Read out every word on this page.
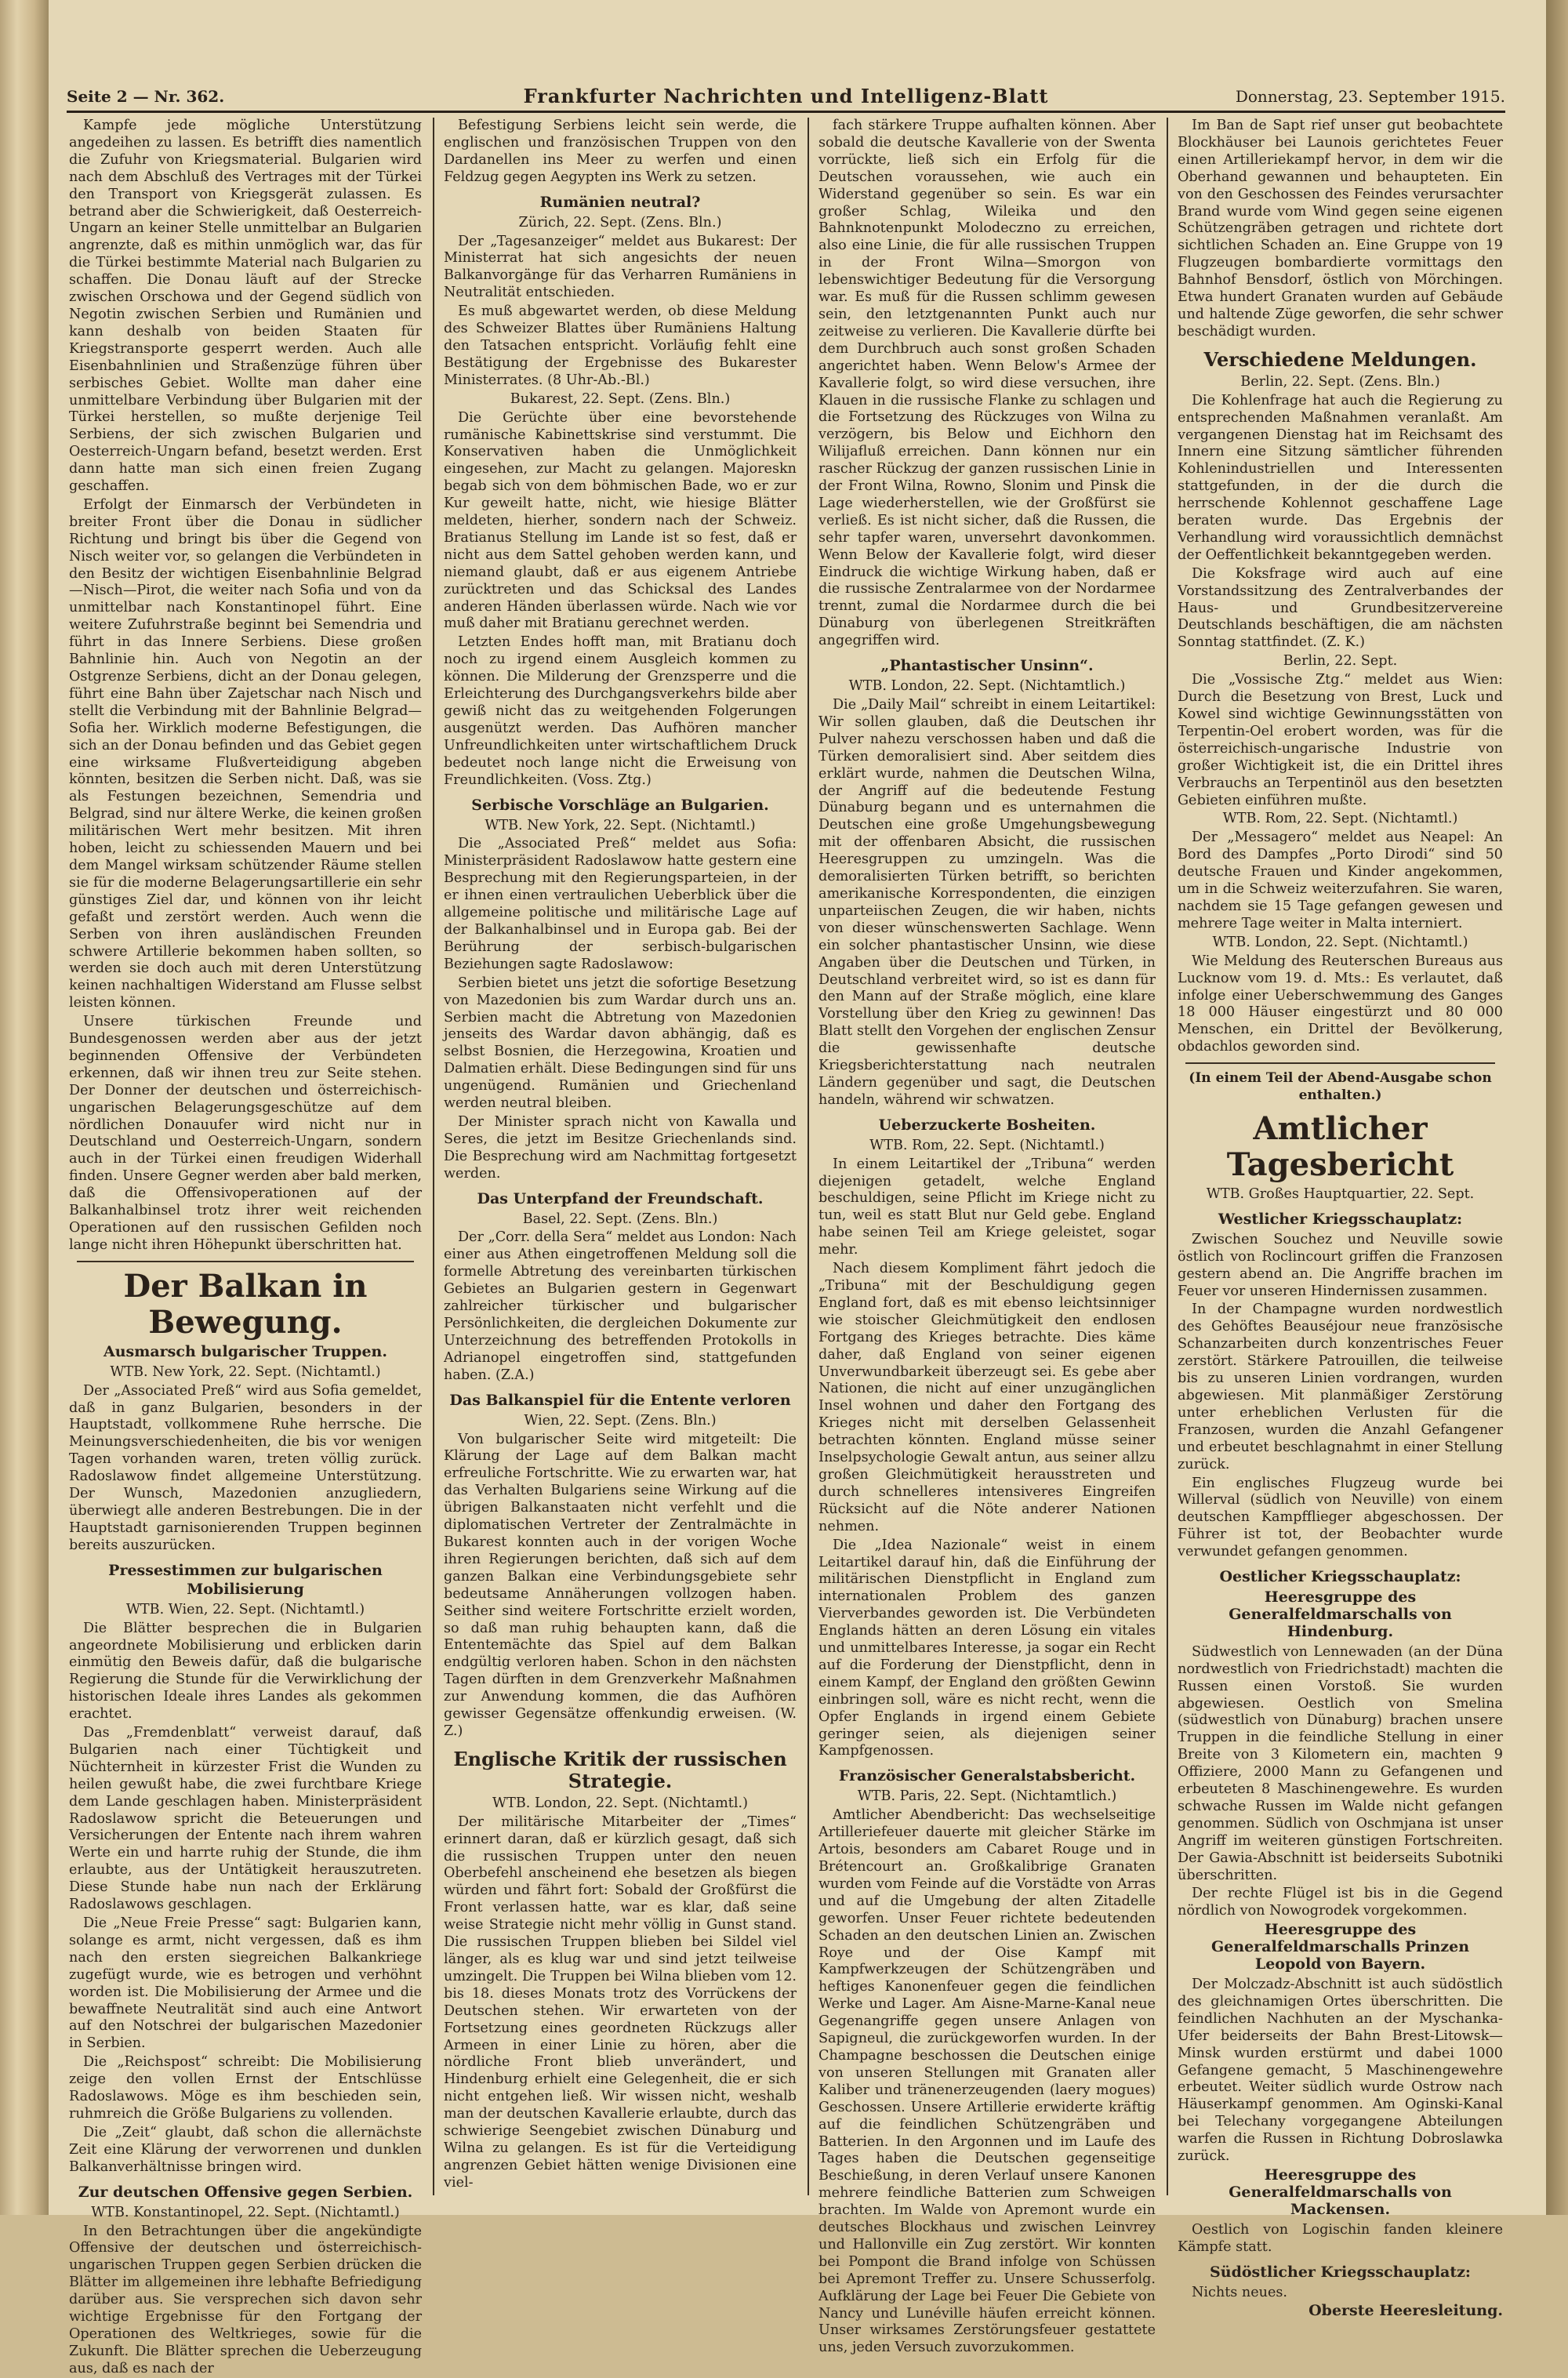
Seite 2 — Nr. 362.	Frankfurter Nachrichten und Intelligenz-Blatt	Donnerstag, 23. September 1915.

Kampfe jede mögliche Unterstützung angedeihen zu lassen. Es betrifft dies namentlich die Zufuhr von Kriegsmaterial. Bulgarien wird nach dem Abschluß des Vertrages mit der Türkei den Transport von Kriegsgerät zulassen. Es betrand aber die Schwierigkeit, daß Oesterreich-Ungarn an keiner Stelle unmittelbar an Bulgarien angrenzte, daß es mithin unmöglich war, das für die Türkei bestimmte Material nach Bulgarien zu schaffen. Die Donau läuft auf der Strecke zwischen Orschowa und der Gegend südlich von Negotin zwischen Serbien und Rumänien und kann deshalb von beiden Staaten für Kriegstransporte gesperrt werden. Auch alle Eisenbahnlinien und Straßenzüge führen über serbisches Gebiet. Wollte man daher eine unmittelbare Verbindung über Bulgarien mit der Türkei herstellen, so mußte derjenige Teil Serbiens, der sich zwischen Bulgarien und Oesterreich-Ungarn befand, besetzt werden. Erst dann hatte man sich einen freien Zugang geschaffen.

Erfolgt der Einmarsch der Verbündeten in breiter Front über die Donau in südlicher Richtung und bringt bis über die Gegend von Nisch weiter vor, so gelangen die Verbündeten in den Besitz der wichtigen Eisenbahnlinie Belgrad—Nisch—Pirot, die weiter nach Sofia und von da unmittelbar nach Konstantinopel führt. Eine weitere Zufuhrstraße beginnt bei Semendria und führt in das Innere Serbiens. Diese großen Bahnlinie hin. Auch von Negotin an der Ostgrenze Serbiens, dicht an der Donau gelegen, führt eine Bahn über Zajetschar nach Nisch und stellt die Verbindung mit der Bahnlinie Belgrad—Sofia her. Wirklich moderne Befestigungen, die sich an der Donau befinden und das Gebiet gegen eine wirksame Flußverteidigung abgeben könnten, besitzen die Serben nicht. Daß, was sie als Festungen bezeichnen, Semendria und Belgrad, sind nur ältere Werke, die keinen großen militärischen Wert mehr besitzen. Mit ihren hoben, leicht zu schiessenden Mauern und bei dem Mangel wirksam schützender Räume stellen sie für die moderne Belagerungsartillerie ein sehr günstiges Ziel dar, und können von ihr leicht gefaßt und zerstört werden. Auch wenn die Serben von ihren ausländischen Freunden schwere Artillerie bekommen haben sollten, so werden sie doch auch mit deren Unterstützung keinen nachhaltigen Widerstand am Flusse selbst leisten können.

Unsere türkischen Freunde und Bundesgenossen werden aber aus der jetzt beginnenden Offensive der Verbündeten erkennen, daß wir ihnen treu zur Seite stehen. Der Donner der deutschen und österreichisch-ungarischen Belagerungsgeschütze auf dem nördlichen Donauufer wird nicht nur in Deutschland und Oesterreich-Ungarn, sondern auch in der Türkei einen freudigen Widerhall finden. Unsere Gegner werden aber bald merken, daß die Offensivoperationen auf der Balkanhalbinsel trotz ihrer weit reichenden Operationen auf den russischen Gefilden noch lange nicht ihren Höhepunkt überschritten hat.

Der Balkan in Bewegung.
Ausmarsch bulgarischer Truppen.
WTB. New York, 22. Sept. (Nichtamtl.)

Der „Associated Preß“ wird aus Sofia gemeldet, daß in ganz Bulgarien, besonders in der Hauptstadt, vollkommene Ruhe herrsche. Die Meinungsverschiedenheiten, die bis vor wenigen Tagen vorhanden waren, treten völlig zurück. Radoslawow findet allgemeine Unterstützung. Der Wunsch, Mazedonien anzugliedern, überwiegt alle anderen Bestrebungen. Die in der Hauptstadt garnisonierenden Truppen beginnen bereits auszurücken.

Pressestimmen zur bulgarischen Mobilisierung
WTB. Wien, 22. Sept. (Nichtamtl.)

Die Blätter besprechen die in Bulgarien angeordnete Mobilisierung und erblicken darin einmütig den Beweis dafür, daß die bulgarische Regierung die Stunde für die Verwirklichung der historischen Ideale ihres Landes als gekommen erachtet.

Das „Fremdenblatt“ verweist darauf, daß Bulgarien nach einer Tüchtigkeit und Nüchternheit in kürzester Frist die Wunden zu heilen gewußt habe, die zwei furchtbare Kriege dem Lande geschlagen haben. Ministerpräsident Radoslawow spricht die Beteuerungen und Versicherungen der Entente nach ihrem wahren Werte ein und harrte ruhig der Stunde, die ihm erlaubte, aus der Untätigkeit herauszutreten. Diese Stunde habe nun nach der Erklärung Radoslawows geschlagen.

Die „Neue Freie Presse“ sagt: Bulgarien kann, solange es armt, nicht vergessen, daß es ihm nach den ersten siegreichen Balkankriege zugefügt wurde, wie es betrogen und verhöhnt worden ist. Die Mobilisierung der Armee und die bewaffnete Neutralität sind auch eine Antwort auf den Notschrei der bulgarischen Mazedonier in Serbien.

Die „Reichspost“ schreibt: Die Mobilisierung zeige den vollen Ernst der Entschlüsse Radoslawows. Möge es ihm beschieden sein, ruhmreich die Größe Bulgariens zu vollenden.

Die „Zeit“ glaubt, daß schon die allernächste Zeit eine Klärung der verworrenen und dunklen Balkanverhältnisse bringen wird.

Zur deutschen Offensive gegen Serbien.
WTB. Konstantinopel, 22. Sept. (Nichtamtl.)

In den Betrachtungen über die angekündigte Offensive der deutschen und österreichisch-ungarischen Truppen gegen Serbien drücken die Blätter im allgemeinen ihre lebhafte Befriedigung darüber aus. Sie versprechen sich davon sehr wichtige Ergebnisse für den Fortgang der Operationen des Weltkrieges, sowie für die Zukunft. Die Blätter sprechen die Ueberzeugung aus, daß es nach der

Befestigung Serbiens leicht sein werde, die englischen und französischen Truppen von den Dardanellen ins Meer zu werfen und einen Feldzug gegen Aegypten ins Werk zu setzen.

Rumänien neutral?
Zürich, 22. Sept. (Zens. Bln.)

Der „Tagesanzeiger“ meldet aus Bukarest: Der Ministerrat hat sich angesichts der neuen Balkanvorgänge für das Verharren Rumäniens in Neutralität entschieden.

Es muß abgewartet werden, ob diese Meldung des Schweizer Blattes über Rumäniens Haltung den Tatsachen entspricht. Vorläufig fehlt eine Bestätigung der Ergebnisse des Bukarester Ministerrates. (8 Uhr-Ab.-Bl.)

Bukarest, 22. Sept. (Zens. Bln.)

Die Gerüchte über eine bevorstehende rumänische Kabinettskrise sind verstummt. Die Konservativen haben die Unmöglichkeit eingesehen, zur Macht zu gelangen. Majoreskn begab sich von dem böhmischen Bade, wo er zur Kur geweilt hatte, nicht, wie hiesige Blätter meldeten, hierher, sondern nach der Schweiz. Bratianus Stellung im Lande ist so fest, daß er nicht aus dem Sattel gehoben werden kann, und niemand glaubt, daß er aus eigenem Antriebe zurücktreten und das Schicksal des Landes anderen Händen überlassen würde. Nach wie vor muß daher mit Bratianu gerechnet werden.

Letzten Endes hofft man, mit Bratianu doch noch zu irgend einem Ausgleich kommen zu können. Die Milderung der Grenzsperre und die Erleichterung des Durchgangsverkehrs bilde aber gewiß nicht das zu weitgehenden Folgerungen ausgenützt werden. Das Aufhören mancher Unfreundlichkeiten unter wirtschaftlichem Druck bedeutet noch lange nicht die Erweisung von Freundlichkeiten. (Voss. Ztg.)

Serbische Vorschläge an Bulgarien.
WTB. New York, 22. Sept. (Nichtamtl.)

Die „Associated Preß“ meldet aus Sofia: Ministerpräsident Radoslawow hatte gestern eine Besprechung mit den Regierungsparteien, in der er ihnen einen vertraulichen Ueberblick über die allgemeine politische und militärische Lage auf der Balkanhalbinsel und in Europa gab. Bei der Berührung der serbisch-bulgarischen Beziehungen sagte Radoslawow:

Serbien bietet uns jetzt die sofortige Besetzung von Mazedonien bis zum Wardar durch uns an. Serbien macht die Abtretung von Mazedonien jenseits des Wardar davon abhängig, daß es selbst Bosnien, die Herzegowina, Kroatien und Dalmatien erhält. Diese Bedingungen sind für uns ungenügend. Rumänien und Griechenland werden neutral bleiben.

Der Minister sprach nicht von Kawalla und Seres, die jetzt im Besitze Griechenlands sind. Die Besprechung wird am Nachmittag fortgesetzt werden.

Das Unterpfand der Freundschaft.
Basel, 22. Sept. (Zens. Bln.)

Der „Corr. della Sera“ meldet aus London: Nach einer aus Athen eingetroffenen Meldung soll die formelle Abtretung des vereinbarten türkischen Gebietes an Bulgarien gestern in Gegenwart zahlreicher türkischer und bulgarischer Persönlichkeiten, die dergleichen Dokumente zur Unterzeichnung des betreffenden Protokolls in Adrianopel eingetroffen sind, stattgefunden haben. (Z.A.)

Das Balkanspiel für die Entente verloren
Wien, 22. Sept. (Zens. Bln.)

Von bulgarischer Seite wird mitgeteilt: Die Klärung der Lage auf dem Balkan macht erfreuliche Fortschritte. Wie zu erwarten war, hat das Verhalten Bulgariens seine Wirkung auf die übrigen Balkanstaaten nicht verfehlt und die diplomatischen Vertreter der Zentralmächte in Bukarest konnten auch in der vorigen Woche ihren Regierungen berichten, daß sich auf dem ganzen Balkan eine Verbindungsgebiete sehr bedeutsame Annäherungen vollzogen haben. Seither sind weitere Fortschritte erzielt worden, so daß man ruhig behaupten kann, daß die Ententemächte das Spiel auf dem Balkan endgültig verloren haben. Schon in den nächsten Tagen dürften in dem Grenzverkehr Maßnahmen zur Anwendung kommen, die das Aufhören gewisser Gegensätze offenkundig erweisen. (W. Z.)

Englische Kritik der russischen Strategie.
WTB. London, 22. Sept. (Nichtamtl.)

Der militärische Mitarbeiter der „Times“ erinnert daran, daß er kürzlich gesagt, daß sich die russischen Truppen unter den neuen Oberbefehl anscheinend ehe besetzen als biegen würden und fährt fort: Sobald der Großfürst die Front verlassen hatte, war es klar, daß seine weise Strategie nicht mehr völlig in Gunst stand. Die russischen Truppen blieben bei Sildel viel länger, als es klug war und sind jetzt teilweise umzingelt. Die Truppen bei Wilna blieben vom 12. bis 18. dieses Monats trotz des Vorrückens der Deutschen stehen. Wir erwarteten von der Fortsetzung eines geordneten Rückzugs aller Armeen in einer Linie zu hören, aber die nördliche Front blieb unverändert, und Hindenburg erhielt eine Gelegenheit, die er sich nicht entgehen ließ. Wir wissen nicht, weshalb man der deutschen Kavallerie erlaubte, durch das schwierige Seengebiet zwischen Dünaburg und Wilna zu gelangen. Es ist für die Verteidigung angrenzen Gebiet hätten wenige Divisionen eine viel-

fach stärkere Truppe aufhalten können. Aber sobald die deutsche Kavallerie von der Swenta vorrückte, ließ sich ein Erfolg für die Deutschen voraussehen, wie auch ein Widerstand gegenüber so sein. Es war ein großer Schlag, Wileika und den Bahnknotenpunkt Molodeczno zu erreichen, also eine Linie, die für alle russischen Truppen in der Front Wilna—Smorgon von lebenswichtiger Bedeutung für die Versorgung war. Es muß für die Russen schlimm gewesen sein, den letztgenannten Punkt auch nur zeitweise zu verlieren. Die Kavallerie dürfte bei dem Durchbruch auch sonst großen Schaden angerichtet haben. Wenn Below's Armee der Kavallerie folgt, so wird diese versuchen, ihre Klauen in die russische Flanke zu schlagen und die Fortsetzung des Rückzuges von Wilna zu verzögern, bis Below und Eichhorn den Wilijafluß erreichen. Dann können nur ein rascher Rückzug der ganzen russischen Linie in der Front Wilna, Rowno, Slonim und Pinsk die Lage wiederherstellen, wie der Großfürst sie verließ. Es ist nicht sicher, daß die Russen, die sehr tapfer waren, unversehrt davonkommen. Wenn Below der Kavallerie folgt, wird dieser Eindruck die wichtige Wirkung haben, daß er die russische Zentralarmee von der Nordarmee trennt, zumal die Nordarmee durch die bei Dünaburg von überlegenen Streitkräften angegriffen wird.

„Phantastischer Unsinn“.
WTB. London, 22. Sept. (Nichtamtlich.)

Die „Daily Mail“ schreibt in einem Leitartikel: Wir sollen glauben, daß die Deutschen ihr Pulver nahezu verschossen haben und daß die Türken demoralisiert sind. Aber seitdem dies erklärt wurde, nahmen die Deutschen Wilna, der Angriff auf die bedeutende Festung Dünaburg begann und es unternahmen die Deutschen eine große Umgehungsbewegung mit der offenbaren Absicht, die russischen Heeresgruppen zu umzingeln. Was die demoralisierten Türken betrifft, so berichten amerikanische Korrespondenten, die einzigen unparteiischen Zeugen, die wir haben, nichts von dieser wünschenswerten Sachlage. Wenn ein solcher phantastischer Unsinn, wie diese Angaben über die Deutschen und Türken, in Deutschland verbreitet wird, so ist es dann für den Mann auf der Straße möglich, eine klare Vorstellung über den Krieg zu gewinnen! Das Blatt stellt den Vorgehen der englischen Zensur die gewissenhafte deutsche Kriegsberichterstattung nach neutralen Ländern gegenüber und sagt, die Deutschen handeln, während wir schwatzen.

Ueberzuckerte Bosheiten.
WTB. Rom, 22. Sept. (Nichtamtl.)

In einem Leitartikel der „Tribuna“ werden diejenigen getadelt, welche England beschuldigen, seine Pflicht im Kriege nicht zu tun, weil es statt Blut nur Geld gebe. England habe seinen Teil am Kriege geleistet, sogar mehr.

Nach diesem Kompliment fährt jedoch die „Tribuna“ mit der Beschuldigung gegen England fort, daß es mit ebenso leichtsinniger wie stoischer Gleichmütigkeit den endlosen Fortgang des Krieges betrachte. Dies käme daher, daß England von seiner eigenen Unverwundbarkeit überzeugt sei. Es gebe aber Nationen, die nicht auf einer unzugänglichen Insel wohnen und daher den Fortgang des Krieges nicht mit derselben Gelassenheit betrachten könnten. England müsse seiner Inselpsychologie Gewalt antun, aus seiner allzu großen Gleichmütigkeit herausstreten und durch schnelleres intensiveres Eingreifen Rücksicht auf die Nöte anderer Nationen nehmen.

Die „Idea Nazionale“ weist in einem Leitartikel darauf hin, daß die Einführung der militärischen Dienstpflicht in England zum internationalen Problem des ganzen Vierverbandes geworden ist. Die Verbündeten Englands hätten an deren Lösung ein vitales und unmittelbares Interesse, ja sogar ein Recht auf die Forderung der Dienstpflicht, denn in einem Kampf, der England den größten Gewinn einbringen soll, wäre es nicht recht, wenn die Opfer Englands in irgend einem Gebiete geringer seien, als diejenigen seiner Kampfgenossen.

Französischer Generalstabsbericht.
WTB. Paris, 22. Sept. (Nichtamtlich.)

Amtlicher Abendbericht: Das wechselseitige Artilleriefeuer dauerte mit gleicher Stärke im Artois, besonders am Cabaret Rouge und in Brétencourt an. Großkalibrige Granaten wurden vom Feinde auf die Vorstädte von Arras und auf die Umgebung der alten Zitadelle geworfen. Unser Feuer richtete bedeutenden Schaden an den deutschen Linien an. Zwischen Roye und der Oise Kampf mit Kampfwerkzeugen der Schützengräben und heftiges Kanonenfeuer gegen die feindlichen Werke und Lager. Am Aisne-Marne-Kanal neue Gegenangriffe gegen unsere Anlagen von Sapigneul, die zurückgeworfen wurden. In der Champagne beschossen die Deutschen einige von unseren Stellungen mit Granaten aller Kaliber und tränenerzeugenden (laery mogues) Geschossen. Unsere Artillerie erwiderte kräftig auf die feindlichen Schützengräben und Batterien. In den Argonnen und im Laufe des Tages haben die Deutschen gegenseitige Beschießung, in deren Verlauf unsere Kanonen mehrere feindliche Batterien zum Schweigen brachten. Im Walde von Apremont wurde ein deutsches Blockhaus und zwischen Leinvrey und Hallonville ein Zug zerstört. Wir konnten bei Pompont die Brand infolge von Schüssen bei Apremont Treffer zu. Unsere Schusserfolg. Aufklärung der Lage bei Feuer Die Gebiete von Nancy und Lunéville häufen erreicht können. Unser wirksames Zerstörungsfeuer gestattete uns, jeden Versuch zuvorzukommen.

Im Ban de Sapt rief unser gut beobachtete Blockhäuser bei Launois gerichtetes Feuer einen Artilleriekampf hervor, in dem wir die Oberhand gewannen und behaupteten. Ein von den Geschossen des Feindes verursachter Brand wurde vom Wind gegen seine eigenen Schützengräben getragen und richtete dort sichtlichen Schaden an. Eine Gruppe von 19 Flugzeugen bombardierte vormittags den Bahnhof Bensdorf, östlich von Mörchingen. Etwa hundert Granaten wurden auf Gebäude und haltende Züge geworfen, die sehr schwer beschädigt wurden.

Verschiedene Meldungen.
Berlin, 22. Sept. (Zens. Bln.)

Die Kohlenfrage hat auch die Regierung zu entsprechenden Maßnahmen veranlaßt. Am vergangenen Dienstag hat im Reichsamt des Innern eine Sitzung sämtlicher führenden Kohlenindustriellen und Interessenten stattgefunden, in der die durch die herrschende Kohlennot geschaffene Lage beraten wurde. Das Ergebnis der Verhandlung wird voraussichtlich demnächst der Oeffentlichkeit bekanntgegeben werden.

Die Koksfrage wird auch auf eine Vorstandssitzung des Zentralverbandes der Haus- und Grundbesitzervereine Deutschlands beschäftigen, die am nächsten Sonntag stattfindet. (Z. K.)

Berlin, 22. Sept.

Die „Vossische Ztg.“ meldet aus Wien: Durch die Besetzung von Brest, Luck und Kowel sind wichtige Gewinnungsstätten von Terpentin-Oel erobert worden, was für die österreichisch-ungarische Industrie von großer Wichtigkeit ist, die ein Drittel ihres Verbrauchs an Terpentinöl aus den besetzten Gebieten einführen mußte.

WTB. Rom, 22. Sept. (Nichtamtl.)

Der „Messagero“ meldet aus Neapel: An Bord des Dampfes „Porto Dirodi“ sind 50 deutsche Frauen und Kinder angekommen, um in die Schweiz weiterzufahren. Sie waren, nachdem sie 15 Tage gefangen gewesen und mehrere Tage weiter in Malta interniert.

WTB. London, 22. Sept. (Nichtamtl.)

Wie Meldung des Reuterschen Bureaus aus Lucknow vom 19. d. Mts.: Es verlautet, daß infolge einer Ueberschwemmung des Ganges 18 000 Häuser eingestürzt und 80 000 Menschen, ein Drittel der Bevölkerung, obdachlos geworden sind.

(In einem Teil der Abend-Ausgabe schon enthalten.)
Amtlicher Tagesbericht
WTB. Großes Hauptquartier, 22. Sept.
Westlicher Kriegsschauplatz:

Zwischen Souchez und Neuville sowie östlich von Roclincourt griffen die Franzosen gestern abend an. Die Angriffe brachen im Feuer vor unseren Hindernissen zusammen.

In der Champagne wurden nordwestlich des Gehöftes Beauséjour neue französische Schanzarbeiten durch konzentrisches Feuer zerstört. Stärkere Patrouillen, die teilweise bis zu unseren Linien vordrangen, wurden abgewiesen. Mit planmäßiger Zerstörung unter erheblichen Verlusten für die Franzosen, wurden die Anzahl Gefangener und erbeutet beschlagnahmt in einer Stellung zurück.

Ein englisches Flugzeug wurde bei Willerval (südlich von Neuville) von einem deutschen Kampfflieger abgeschossen. Der Führer ist tot, der Beobachter wurde verwundet gefangen genommen.

Oestlicher Kriegsschauplatz:
Heeresgruppe des Generalfeldmarschalls von Hindenburg.

Südwestlich von Lennewaden (an der Düna nordwestlich von Friedrichstadt) machten die Russen einen Vorstoß. Sie wurden abgewiesen. Oestlich von Smelina (südwestlich von Dünaburg) brachen unsere Truppen in die feindliche Stellung in einer Breite von 3 Kilometern ein, machten 9 Offiziere, 2000 Mann zu Gefangenen und erbeuteten 8 Maschinengewehre. Es wurden schwache Russen im Walde nicht gefangen genommen. Südlich von Oschmjana ist unser Angriff im weiteren günstigen Fortschreiten. Der Gawia-Abschnitt ist beiderseits Subotniki überschritten.

Der rechte Flügel ist bis in die Gegend nördlich von Nowogrodek vorgekommen.

Heeresgruppe des Generalfeldmarschalls Prinzen Leopold von Bayern.

Der Molczadz-Abschnitt ist auch südöstlich des gleichnamigen Ortes überschritten. Die feindlichen Nachhuten an der Myschanka-Ufer beiderseits der Bahn Brest-Litowsk—Minsk wurden erstürmt und dabei 1000 Gefangene gemacht, 5 Maschinengewehre erbeutet. Weiter südlich wurde Ostrow nach Häuserkampf genommen. Am Oginski-Kanal bei Telechany vorgegangene Abteilungen warfen die Russen in Richtung Dobroslawka zurück.

Heeresgruppe des Generalfeldmarschalls von Mackensen.

Oestlich von Logischin fanden kleinere Kämpfe statt.

Südöstlicher Kriegsschauplatz:

Nichts neues.

Oberste Heeresleitung.
